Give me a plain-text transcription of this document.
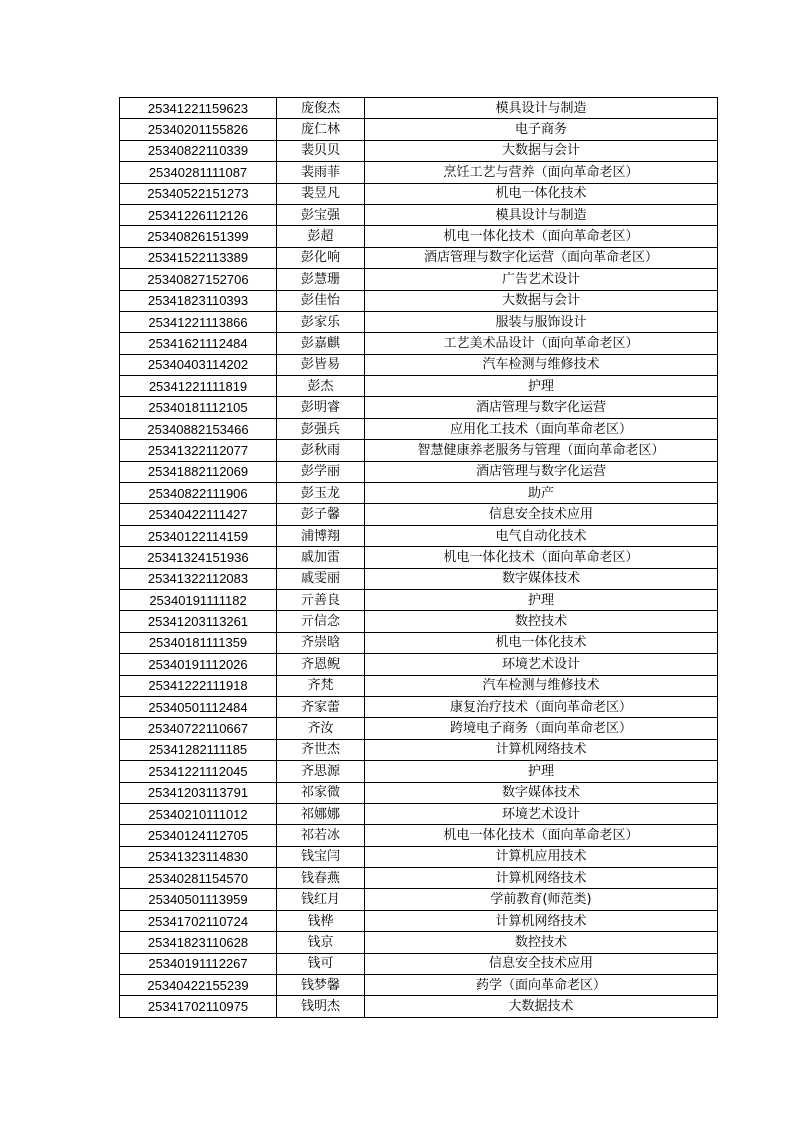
25341221159623	庞俊杰	模具设计与制造
25340201155826	庞仁林	电子商务
25340822110339	裴贝贝	大数据与会计
25340281111087	裴雨菲	烹饪工艺与营养（面向革命老区）
25340522151273	裴昱凡	机电一体化技术
25341226112126	彭宝强	模具设计与制造
25340826151399	彭超	机电一体化技术（面向革命老区）
25341522113389	彭化响	酒店管理与数字化运营（面向革命老区）
25340827152706	彭慧珊	广告艺术设计
25341823110393	彭佳怡	大数据与会计
25341221113866	彭家乐	服装与服饰设计
25341621112484	彭嘉麒	工艺美术品设计（面向革命老区）
25340403114202	彭皆易	汽车检测与维修技术
25341221111819	彭杰	护理
25340181112105	彭明睿	酒店管理与数字化运营
25340882153466	彭强兵	应用化工技术（面向革命老区）
25341322112077	彭秋雨	智慧健康养老服务与管理（面向革命老区）
25341882112069	彭学丽	酒店管理与数字化运营
25340822111906	彭玉龙	助产
25340422111427	彭子馨	信息安全技术应用
25340122114159	浦博翔	电气自动化技术
25341324151936	戚加雷	机电一体化技术（面向革命老区）
25341322112083	戚雯丽	数字媒体技术
25340191111182	亓善良	护理
25341203113261	亓信念	数控技术
25340181111359	齐崇晗	机电一体化技术
25340191112026	齐恩鲵	环境艺术设计
25341222111918	齐梵	汽车检测与维修技术
25340501112484	齐家蕾	康复治疗技术（面向革命老区）
25340722110667	齐汝	跨境电子商务（面向革命老区）
25341282111185	齐世杰	计算机网络技术
25341221112045	齐思源	护理
25341203113791	祁家微	数字媒体技术
25340210111012	祁娜娜	环境艺术设计
25340124112705	祁若冰	机电一体化技术（面向革命老区）
25341323114830	钱宝闫	计算机应用技术
25340281154570	钱春燕	计算机网络技术
25340501113959	钱红月	学前教育(师范类)
25341702110724	钱桦	计算机网络技术
25341823110628	钱京	数控技术
25340191112267	钱可	信息安全技术应用
25340422155239	钱梦馨	药学（面向革命老区）
25341702110975	钱明杰	大数据技术
